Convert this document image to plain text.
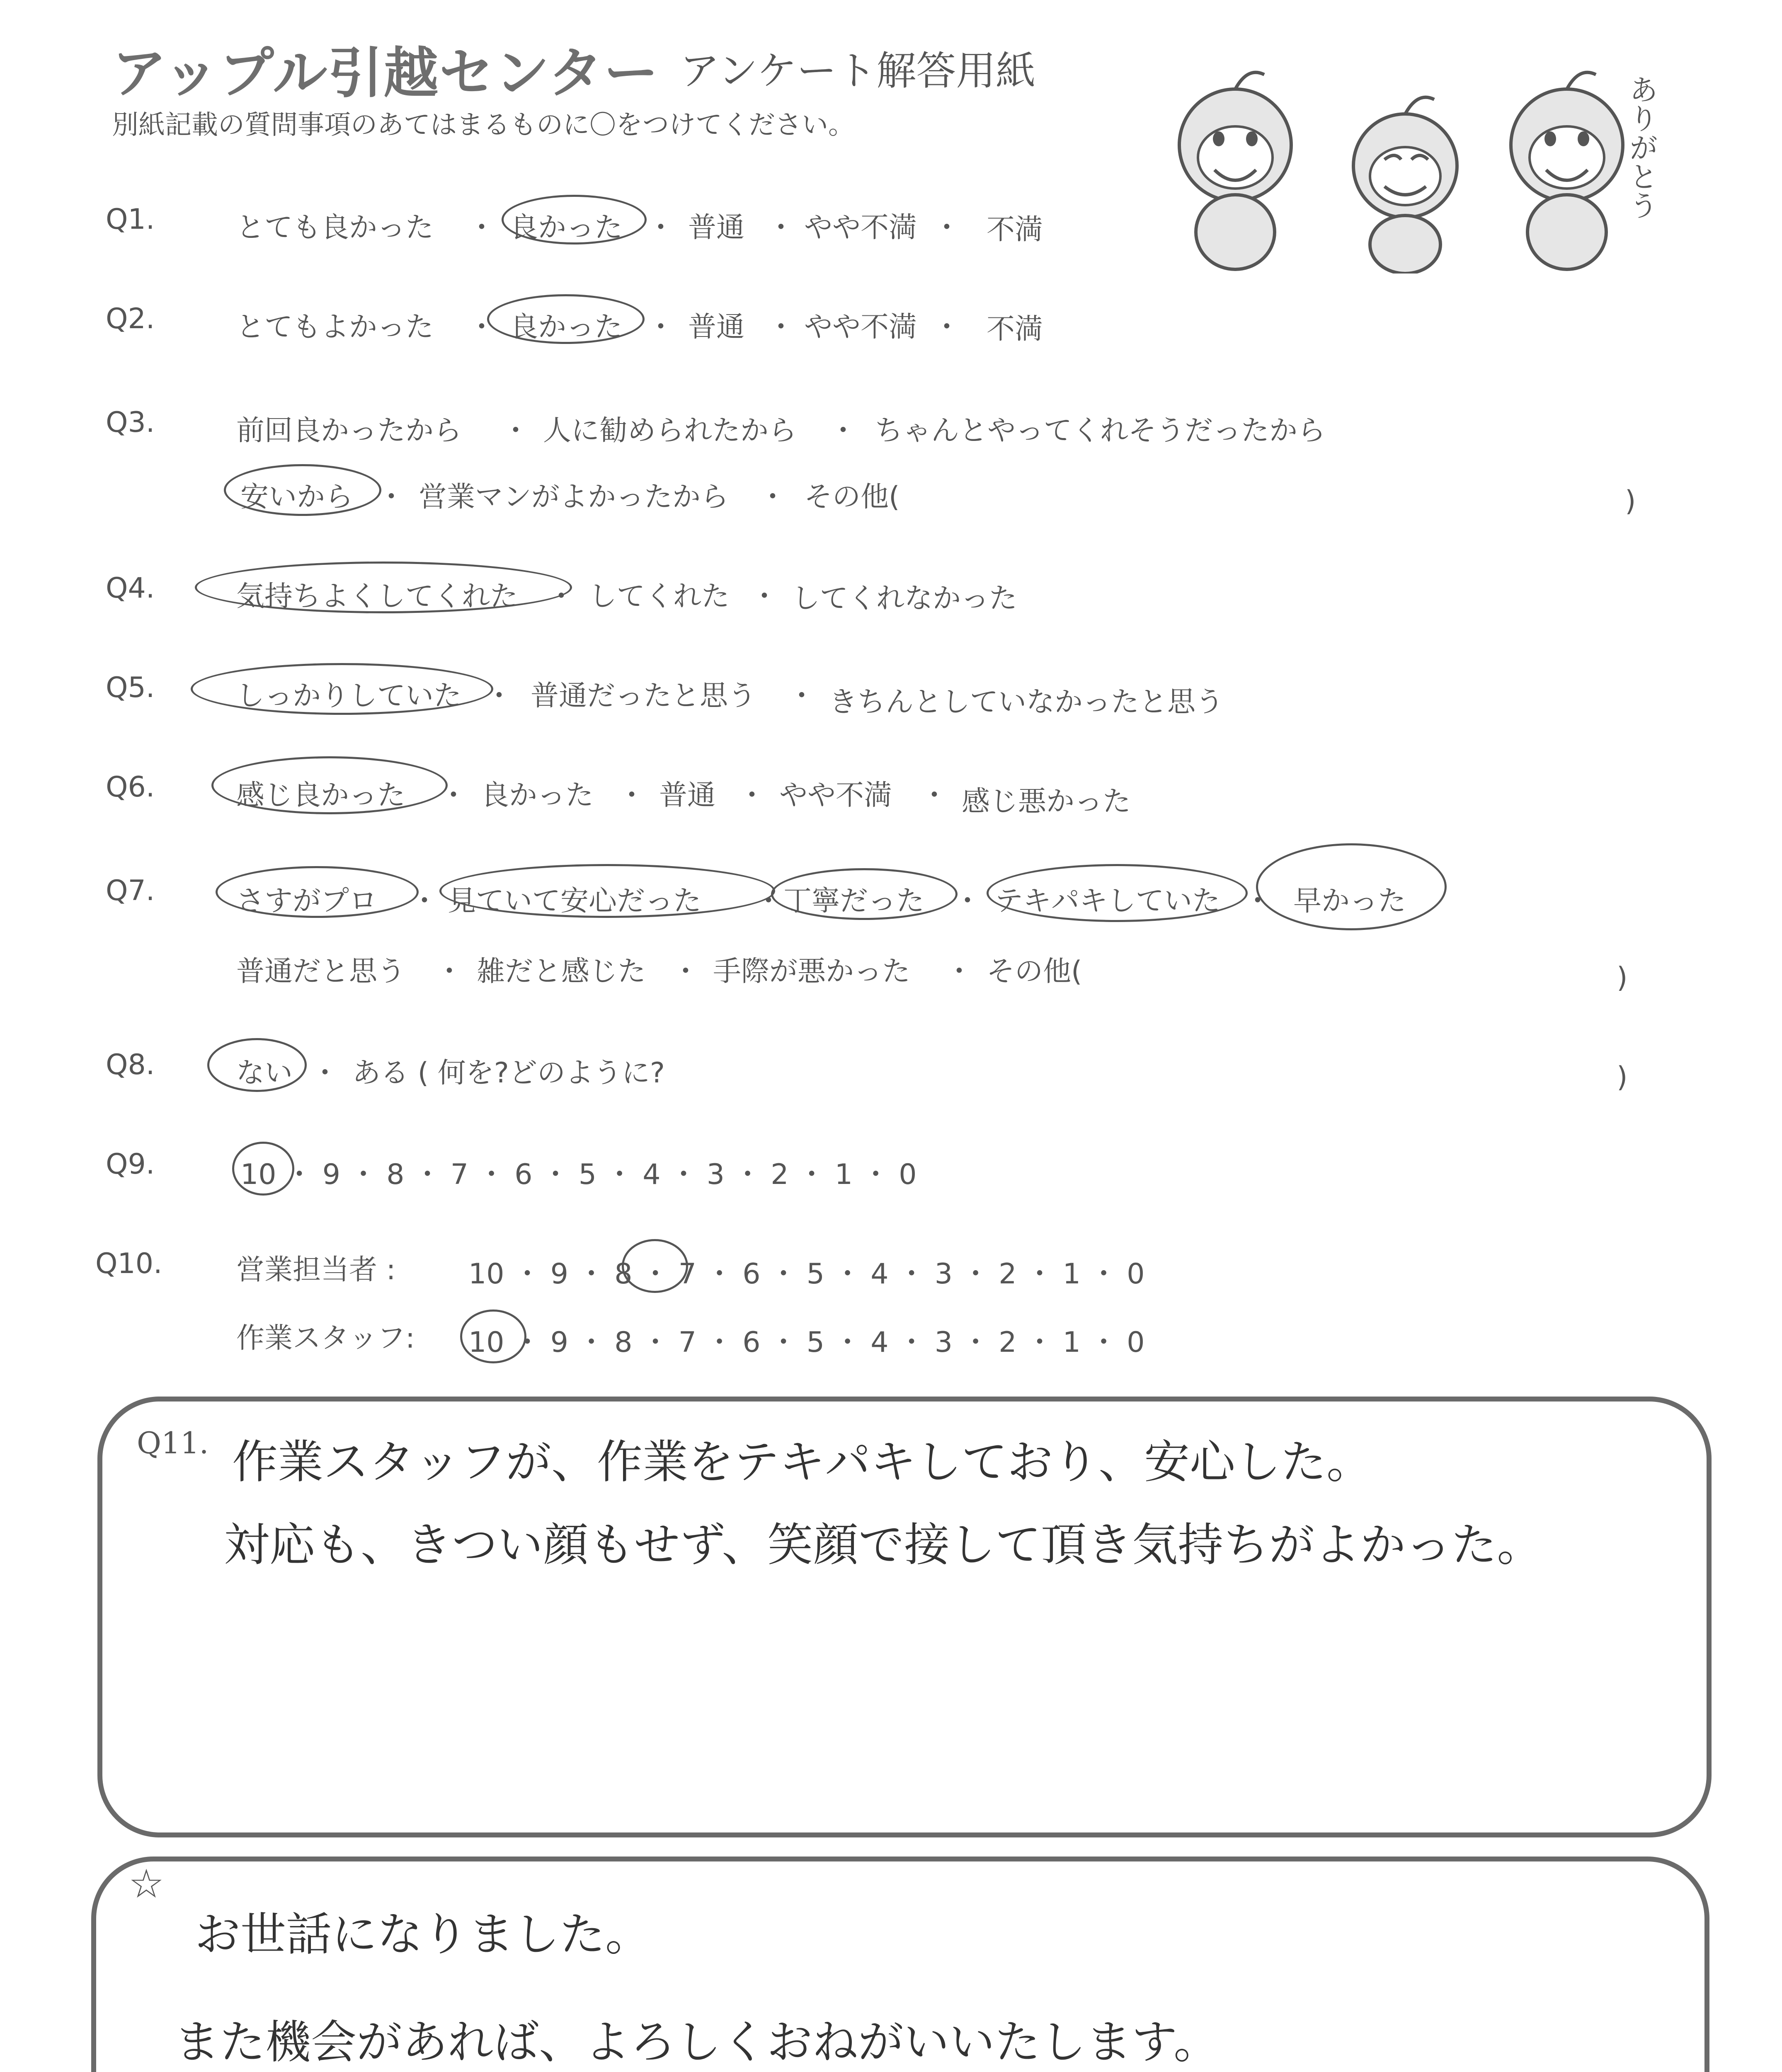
アップル引越センター アンケート解答用紙
別紙記載の質問事項のあてはまるものに〇をつけてください。	ありがとう
Q1.	とても良かった ・ 良かった ・ 普通 ・ やや不満 ・ 不満
Q2.	とてもよかった ・ 良かった ・ 普通 ・ やや不満 ・ 不満
Q3.	前回良かったから ・ 人に勧められたから ・ ちゃんとやってくれそうだったから
安いから ・ 営業マンがよかったから ・ その他(	)
Q4.	気持ちよくしてくれた ・ してくれた ・ してくれなかった
Q5.	しっかりしていた ・ 普通だったと思う ・ きちんとしていなかったと思う
Q6.	感じ良かった ・ 良かった ・ 普通 ・ やや不満 ・ 感じ悪かった
Q7.	さすがプロ ・ 見ていて安心だった ・ 丁寧だった ・ テキパキしていた ・ 早かった
普通だと思う ・ 雑だと感じた ・ 手際が悪かった ・ その他(	)
Q8.	ない ・ ある ( 何を?どのように?	)
Q9.	10 ・ 9 ・ 8 ・ 7 ・ 6 ・ 5 ・ 4 ・ 3 ・ 2 ・ 1 ・ 0
Q10.	営業担当者 :	10 ・ 9 ・ 8 ・ 7 ・ 6 ・ 5 ・ 4 ・ 3 ・ 2 ・ 1 ・ 0
作業スタッフ: 10 ・ 9 ・ 8 ・ 7 ・ 6 ・ 5 ・ 4 ・ 3 ・ 2 ・ 1 ・ 0
Q11. 作業スタッフが、作業をテキパキしており、安心した。
対応も、きつい顔もせず、笑顔で接して頂き気持ちがよかった。
☆
お世話になりました。
また機会があれば、よろしくおねがいいたします。
